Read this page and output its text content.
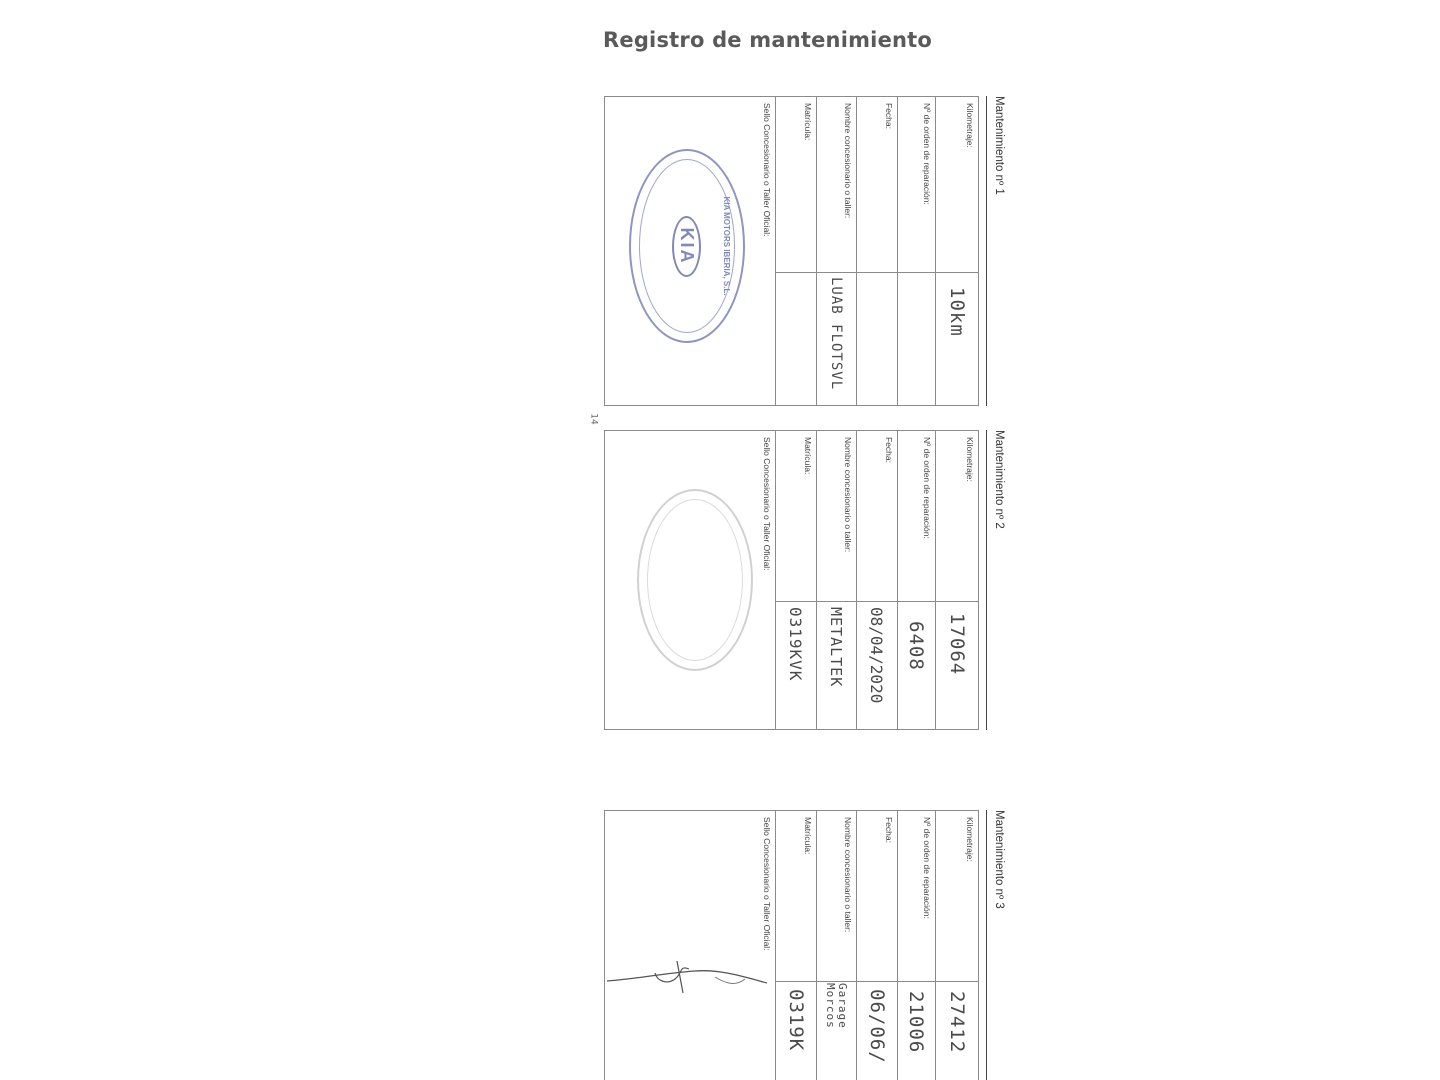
Registro de mantenimiento
14
Mantenimiento nº 1
Kilometraje:
10km
Nº de orden de reparación:
Fecha:
Nombre concesionario o taller:
LUAB FLOTSVL
Matrícula:
Sello Concesionario o Taller Oficial:
KIA MOTORS IBERIA, S.L.
KIA
Mantenimiento nº 2
Kilometraje:
17064
Nº de orden de reparación:
6408
Fecha:
08/04/2020
Nombre concesionario o taller:
METALTEK
Matrícula:
0319KVK
Sello Concesionario o Taller Oficial:
Mantenimiento nº 3
Kilometraje:
27412
Nº de orden de reparación:
21006
Fecha:
06/06/
Nombre concesionario o taller:
Garage Morcos
Matrícula:
0319K
Sello Concesionario o Taller Oficial:
